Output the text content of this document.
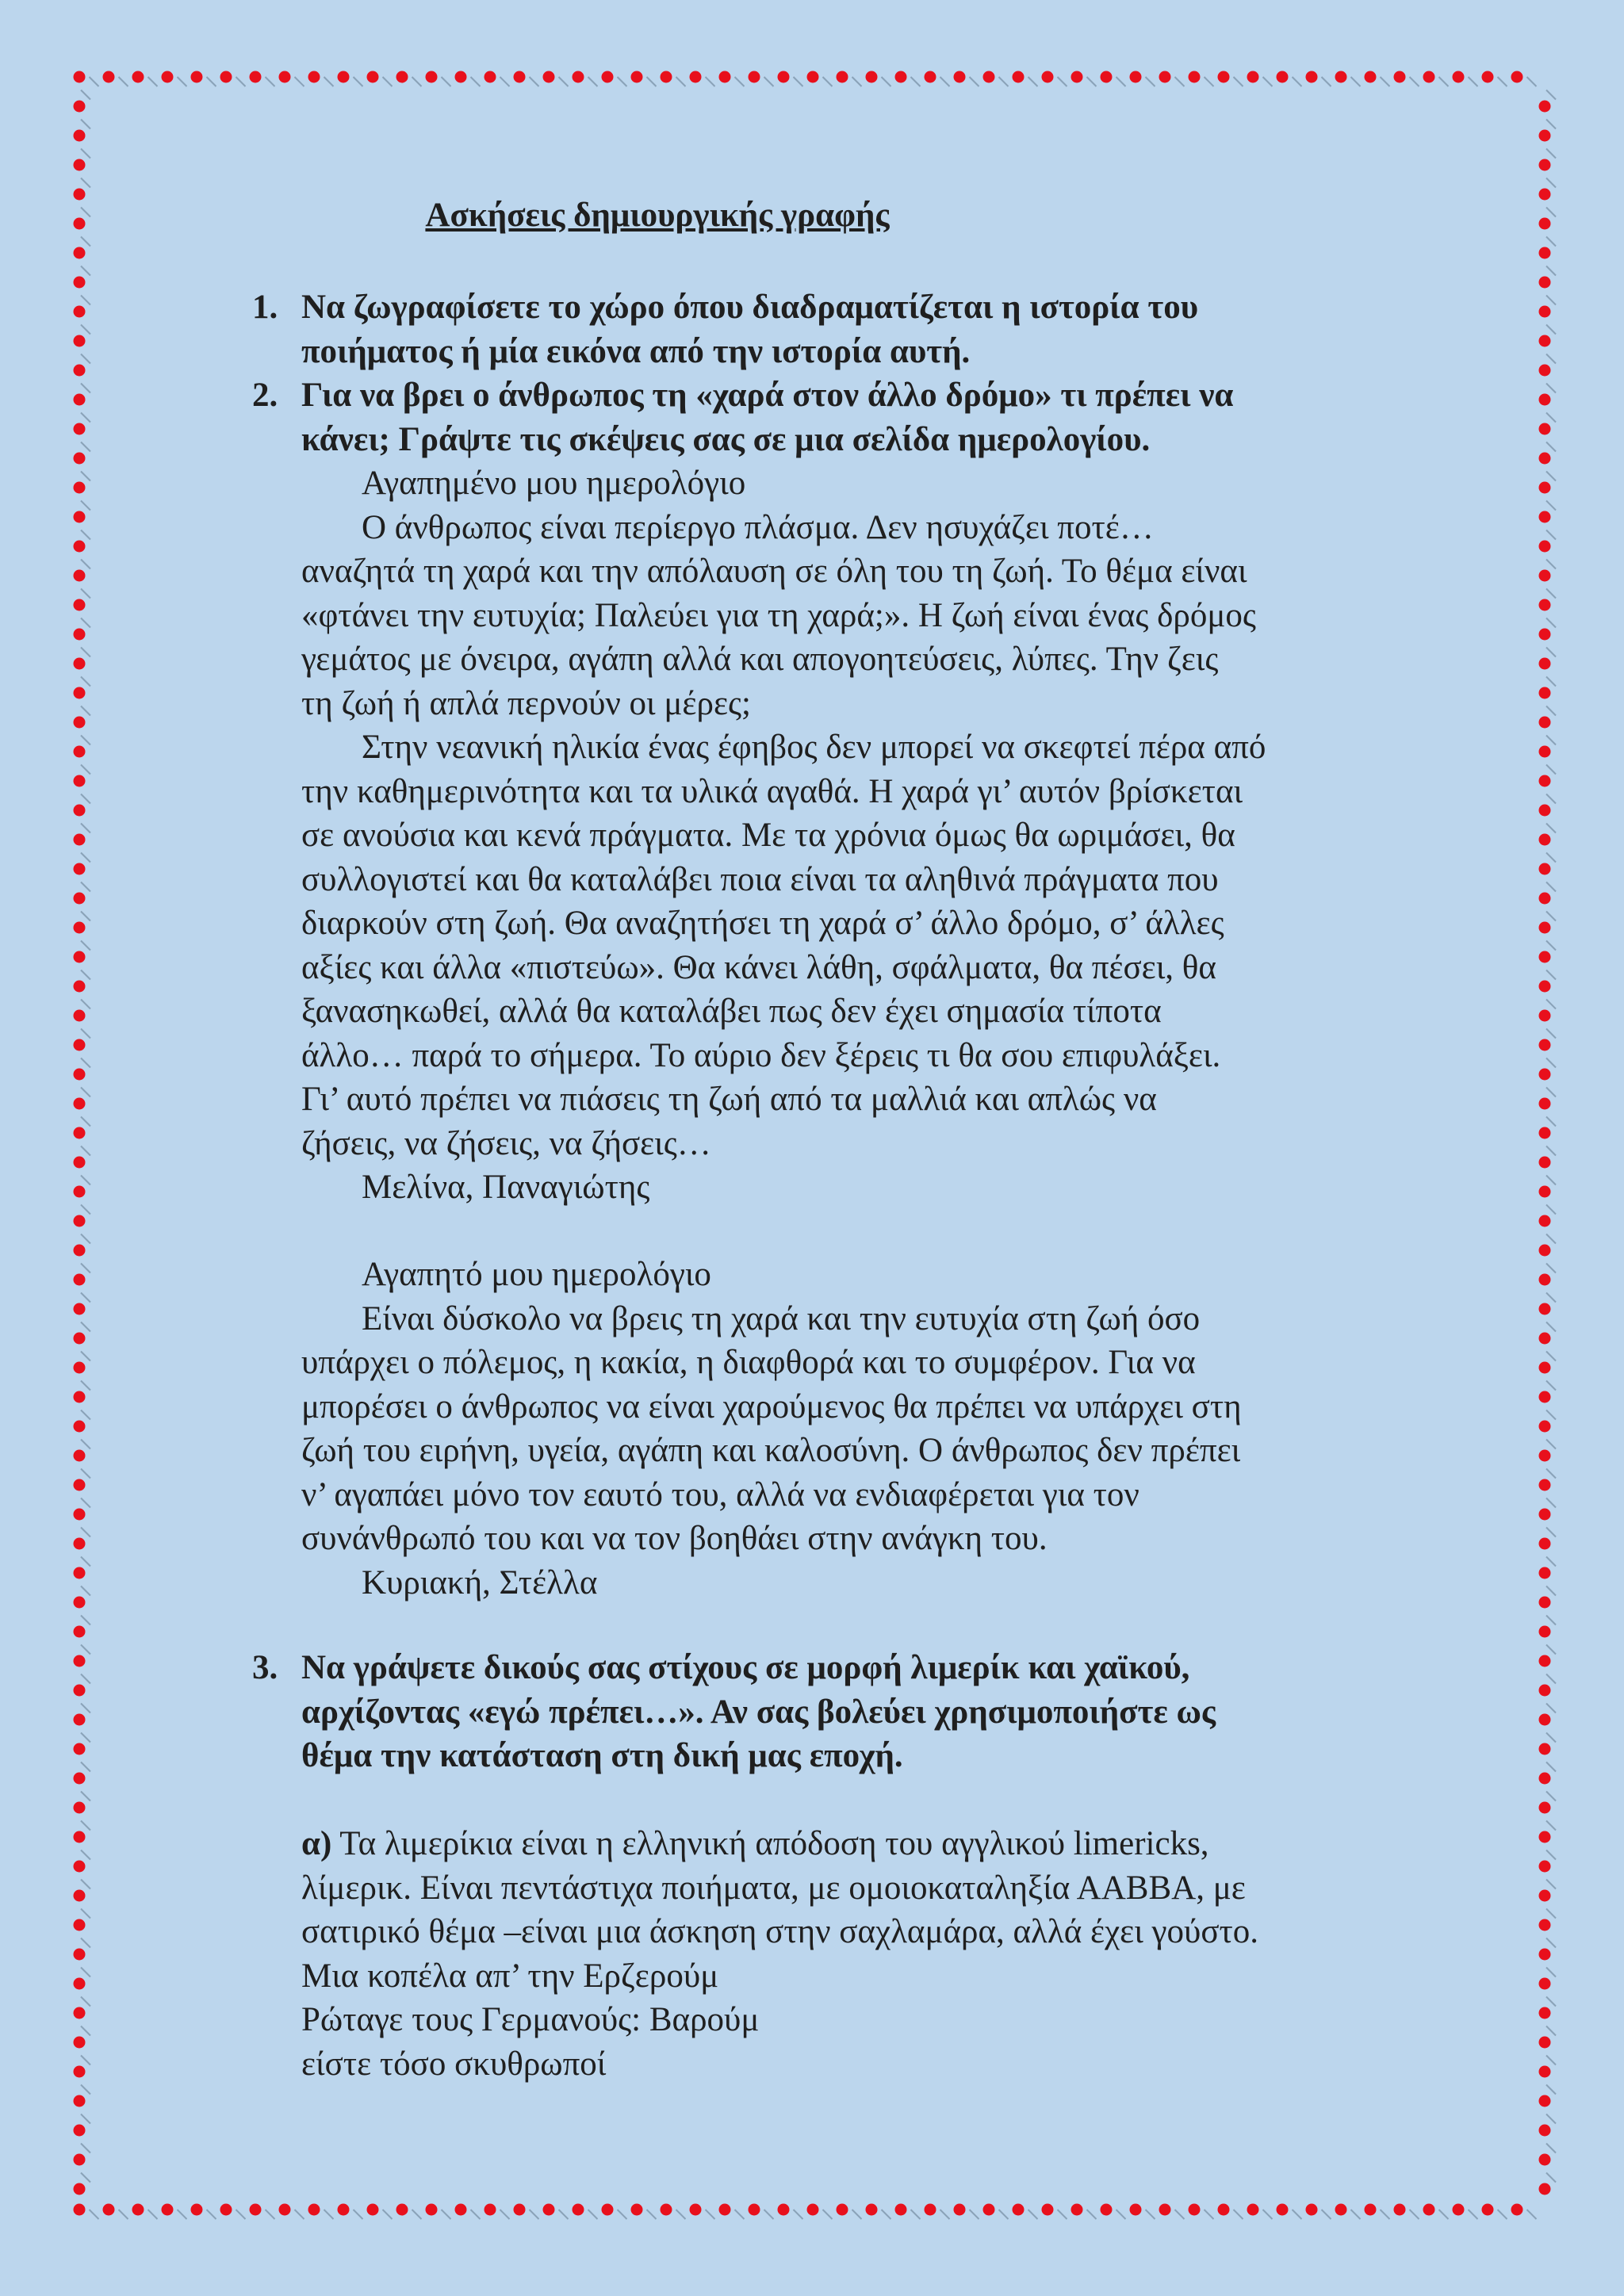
Ασκήσεις δημιουργικής γραφής
1. Να ζωγραφίσετε το χώρο όπου διαδραματίζεται η ιστορία του
ποιήματος ή μία εικόνα από την ιστορία αυτή.
2. Για να βρει ο άνθρωπος τη «χαρά στον άλλο δρόμο» τι πρέπει να
κάνει; Γράψτε τις σκέψεις σας σε μια σελίδα ημερολογίου.
Αγαπημένο μου ημερολόγιο
Ο άνθρωπος είναι περίεργο πλάσμα. Δεν ησυχάζει ποτέ…
αναζητά τη χαρά και την απόλαυση σε όλη του τη ζωή. Το θέμα είναι
«φτάνει την ευτυχία; Παλεύει για τη χαρά;». Η ζωή είναι ένας δρόμος
γεμάτος με όνειρα, αγάπη αλλά και απογοητεύσεις, λύπες. Την ζεις
τη ζωή ή απλά περνούν οι μέρες;
Στην νεανική ηλικία ένας έφηβος δεν μπορεί να σκεφτεί πέρα από
την καθημερινότητα και τα υλικά αγαθά. Η χαρά γι’ αυτόν βρίσκεται
σε ανούσια και κενά πράγματα. Με τα χρόνια όμως θα ωριμάσει, θα
συλλογιστεί και θα καταλάβει ποια είναι τα αληθινά πράγματα που
διαρκούν στη ζωή. Θα αναζητήσει τη χαρά σ’ άλλο δρόμο, σ’ άλλες
αξίες και άλλα «πιστεύω». Θα κάνει λάθη, σφάλματα, θα πέσει, θα
ξανασηκωθεί, αλλά θα καταλάβει πως δεν έχει σημασία τίποτα
άλλο… παρά το σήμερα. Το αύριο δεν ξέρεις τι θα σου επιφυλάξει.
Γι’ αυτό πρέπει να πιάσεις τη ζωή από τα μαλλιά και απλώς να
ζήσεις, να ζήσεις, να ζήσεις…
Μελίνα, Παναγιώτης
Αγαπητό μου ημερολόγιο
Είναι δύσκολο να βρεις τη χαρά και την ευτυχία στη ζωή όσο
υπάρχει ο πόλεμος, η κακία, η διαφθορά και το συμφέρον. Για να
μπορέσει ο άνθρωπος να είναι χαρούμενος θα πρέπει να υπάρχει στη
ζωή του ειρήνη, υγεία, αγάπη και καλοσύνη. Ο άνθρωπος δεν πρέπει
ν’ αγαπάει μόνο τον εαυτό του, αλλά να ενδιαφέρεται για τον
συνάνθρωπό του και να τον βοηθάει στην ανάγκη του.
Κυριακή, Στέλλα
3. Να γράψετε δικούς σας στίχους σε μορφή λιμερίκ και χαϊκού,
αρχίζοντας «εγώ πρέπει…». Αν σας βολεύει χρησιμοποιήστε ως
θέμα την κατάσταση στη δική μας εποχή.
α) Τα λιμερίκια είναι η ελληνική απόδοση του αγγλικού limericks,
λίμερικ. Είναι πεντάστιχα ποιήματα, με ομοιοκαταληξία ΑΑΒΒΑ, με
σατιρικό θέμα –είναι μια άσκηση στην σαχλαμάρα, αλλά έχει γούστο.
Μια κοπέλα απ’ την Ερζερούμ
Ρώταγε τους Γερμανούς: Βαρούμ
είστε τόσο σκυθρωποί
